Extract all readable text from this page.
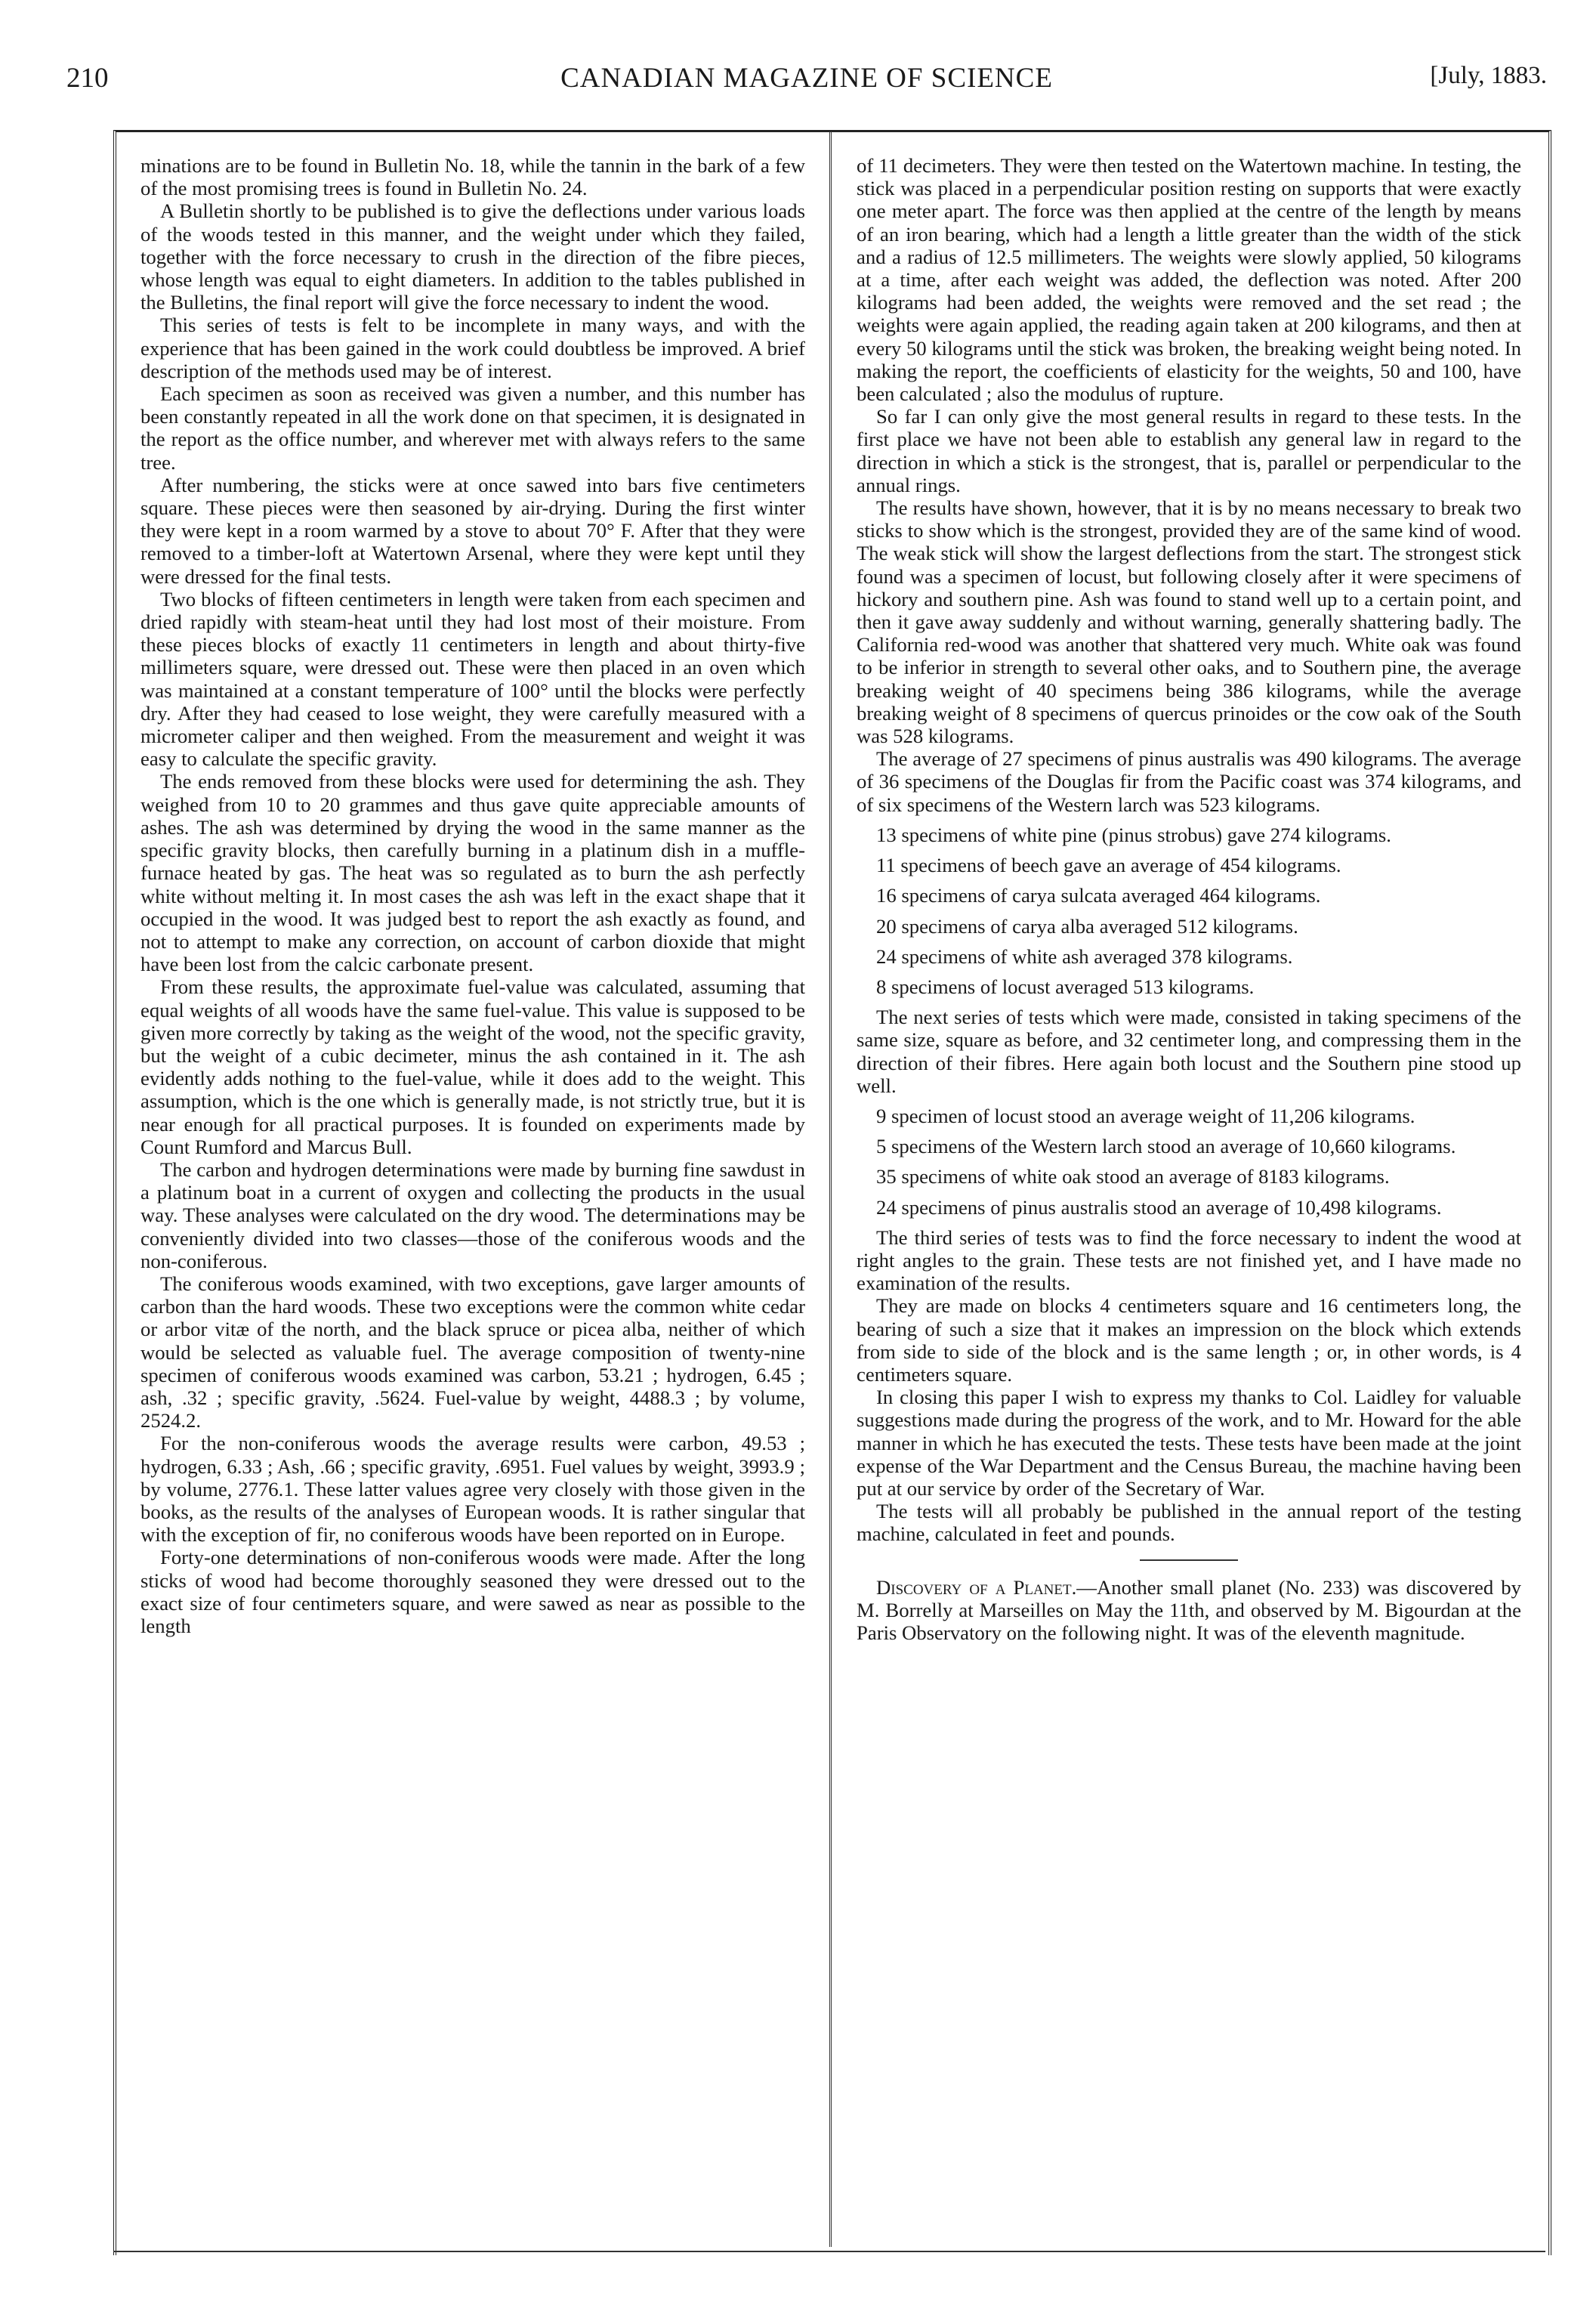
210	CANADIAN MAGAZINE OF SCIENCE	[July, 1883.

minations are to be found in Bulletin No. 18, while the tannin in the bark of a few of the most promising trees is found in Bulletin No. 24.

A Bulletin shortly to be published is to give the deflections under various loads of the woods tested in this manner, and the weight under which they failed, together with the force necessary to crush in the direction of the fibre pieces, whose length was equal to eight diameters. In addition to the tables published in the Bulletins, the final report will give the force necessary to indent the wood.

This series of tests is felt to be incomplete in many ways, and with the experience that has been gained in the work could doubtless be improved. A brief description of the methods used may be of interest.

Each specimen as soon as received was given a number, and this number has been constantly repeated in all the work done on that specimen, it is designated in the report as the office number, and wherever met with always refers to the same tree.

After numbering, the sticks were at once sawed into bars five centimeters square. These pieces were then seasoned by air-drying. During the first winter they were kept in a room warmed by a stove to about 70° F. After that they were removed to a timber-loft at Watertown Arsenal, where they were kept until they were dressed for the final tests.

Two blocks of fifteen centimeters in length were taken from each specimen and dried rapidly with steam-heat until they had lost most of their moisture. From these pieces blocks of exactly 11 centimeters in length and about thirty-five millimeters square, were dressed out. These were then placed in an oven which was maintained at a constant temperature of 100° until the blocks were perfectly dry. After they had ceased to lose weight, they were carefully measured with a micrometer caliper and then weighed. From the measurement and weight it was easy to calculate the specific gravity.

The ends removed from these blocks were used for determining the ash. They weighed from 10 to 20 grammes and thus gave quite appreciable amounts of ashes. The ash was determined by drying the wood in the same manner as the specific gravity blocks, then carefully burning in a platinum dish in a muffle-furnace heated by gas. The heat was so regulated as to burn the ash perfectly white without melting it. In most cases the ash was left in the exact shape that it occupied in the wood. It was judged best to report the ash exactly as found, and not to attempt to make any correction, on account of carbon dioxide that might have been lost from the calcic carbonate present.

From these results, the approximate fuel-value was calculated, assuming that equal weights of all woods have the same fuel-value. This value is supposed to be given more correctly by taking as the weight of the wood, not the specific gravity, but the weight of a cubic decimeter, minus the ash contained in it. The ash evidently adds nothing to the fuel-value, while it does add to the weight. This assumption, which is the one which is generally made, is not strictly true, but it is near enough for all practical purposes. It is founded on experiments made by Count Rumford and Marcus Bull.

The carbon and hydrogen determinations were made by burning fine sawdust in a platinum boat in a current of oxygen and collecting the products in the usual way. These analyses were calculated on the dry wood. The determinations may be conveniently divided into two classes—those of the coniferous woods and the non-coniferous.

The coniferous woods examined, with two exceptions, gave larger amounts of carbon than the hard woods. These two exceptions were the common white cedar or arbor vitæ of the north, and the black spruce or picea alba, neither of which would be selected as valuable fuel. The average composition of twenty-nine specimen of coniferous woods examined was carbon, 53.21 ; hydrogen, 6.45 ; ash, .32 ; specific gravity, .5624. Fuel-value by weight, 4488.3 ; by volume, 2524.2.

For the non-coniferous woods the average results were carbon, 49.53 ; hydrogen, 6.33 ; Ash, .66 ; specific gravity, .6951. Fuel values by weight, 3993.9 ; by volume, 2776.1. These latter values agree very closely with those given in the books, as the results of the analyses of European woods. It is rather singular that with the exception of fir, no coniferous woods have been reported on in Europe.

Forty-one determinations of non-coniferous woods were made. After the long sticks of wood had become thoroughly seasoned they were dressed out to the exact size of four centimeters square, and were sawed as near as possible to the length

of 11 decimeters. They were then tested on the Watertown machine. In testing, the stick was placed in a perpendicular position resting on supports that were exactly one meter apart. The force was then applied at the centre of the length by means of an iron bearing, which had a length a little greater than the width of the stick and a radius of 12.5 millimeters. The weights were slowly applied, 50 kilograms at a time, after each weight was added, the deflection was noted. After 200 kilograms had been added, the weights were removed and the set read ; the weights were again applied, the reading again taken at 200 kilograms, and then at every 50 kilograms until the stick was broken, the breaking weight being noted. In making the report, the coefficients of elasticity for the weights, 50 and 100, have been calculated ; also the modulus of rupture.

So far I can only give the most general results in regard to these tests. In the first place we have not been able to establish any general law in regard to the direction in which a stick is the strongest, that is, parallel or perpendicular to the annual rings.

The results have shown, however, that it is by no means necessary to break two sticks to show which is the strongest, provided they are of the same kind of wood. The weak stick will show the largest deflections from the start. The strongest stick found was a specimen of locust, but following closely after it were specimens of hickory and southern pine. Ash was found to stand well up to a certain point, and then it gave away suddenly and without warning, generally shattering badly. The California red-wood was another that shattered very much. White oak was found to be inferior in strength to several other oaks, and to Southern pine, the average breaking weight of 40 specimens being 386 kilograms, while the average breaking weight of 8 specimens of quercus prinoides or the cow oak of the South was 528 kilograms.

The average of 27 specimens of pinus australis was 490 kilograms. The average of 36 specimens of the Douglas fir from the Pacific coast was 374 kilograms, and of six specimens of the Western larch was 523 kilograms.

13 specimens of white pine (pinus strobus) gave 274 kilograms.

11 specimens of beech gave an average of 454 kilograms.

16 specimens of carya sulcata averaged 464 kilograms.

20 specimens of carya alba averaged 512 kilograms.

24 specimens of white ash averaged 378 kilograms.

8 specimens of locust averaged 513 kilograms.

The next series of tests which were made, consisted in taking specimens of the same size, square as before, and 32 centimeter long, and compressing them in the direction of their fibres. Here again both locust and the Southern pine stood up well.

9 specimen of locust stood an average weight of 11,206 kilograms.

5 specimens of the Western larch stood an average of 10,660 kilograms.

35 specimens of white oak stood an average of 8183 kilograms.

24 specimens of pinus australis stood an average of 10,498 kilograms.

The third series of tests was to find the force necessary to indent the wood at right angles to the grain. These tests are not finished yet, and I have made no examination of the results.

They are made on blocks 4 centimeters square and 16 centimeters long, the bearing of such a size that it makes an impression on the block which extends from side to side of the block and is the same length ; or, in other words, is 4 centimeters square.

In closing this paper I wish to express my thanks to Col. Laidley for valuable suggestions made during the progress of the work, and to Mr. Howard for the able manner in which he has executed the tests. These tests have been made at the joint expense of the War Department and the Census Bureau, the machine having been put at our service by order of the Secretary of War.

The tests will all probably be published in the annual report of the testing machine, calculated in feet and pounds.

Discovery of a Planet.—Another small planet (No. 233) was discovered by M. Borrelly at Marseilles on May the 11th, and observed by M. Bigourdan at the Paris Observatory on the following night. It was of the eleventh magnitude.
